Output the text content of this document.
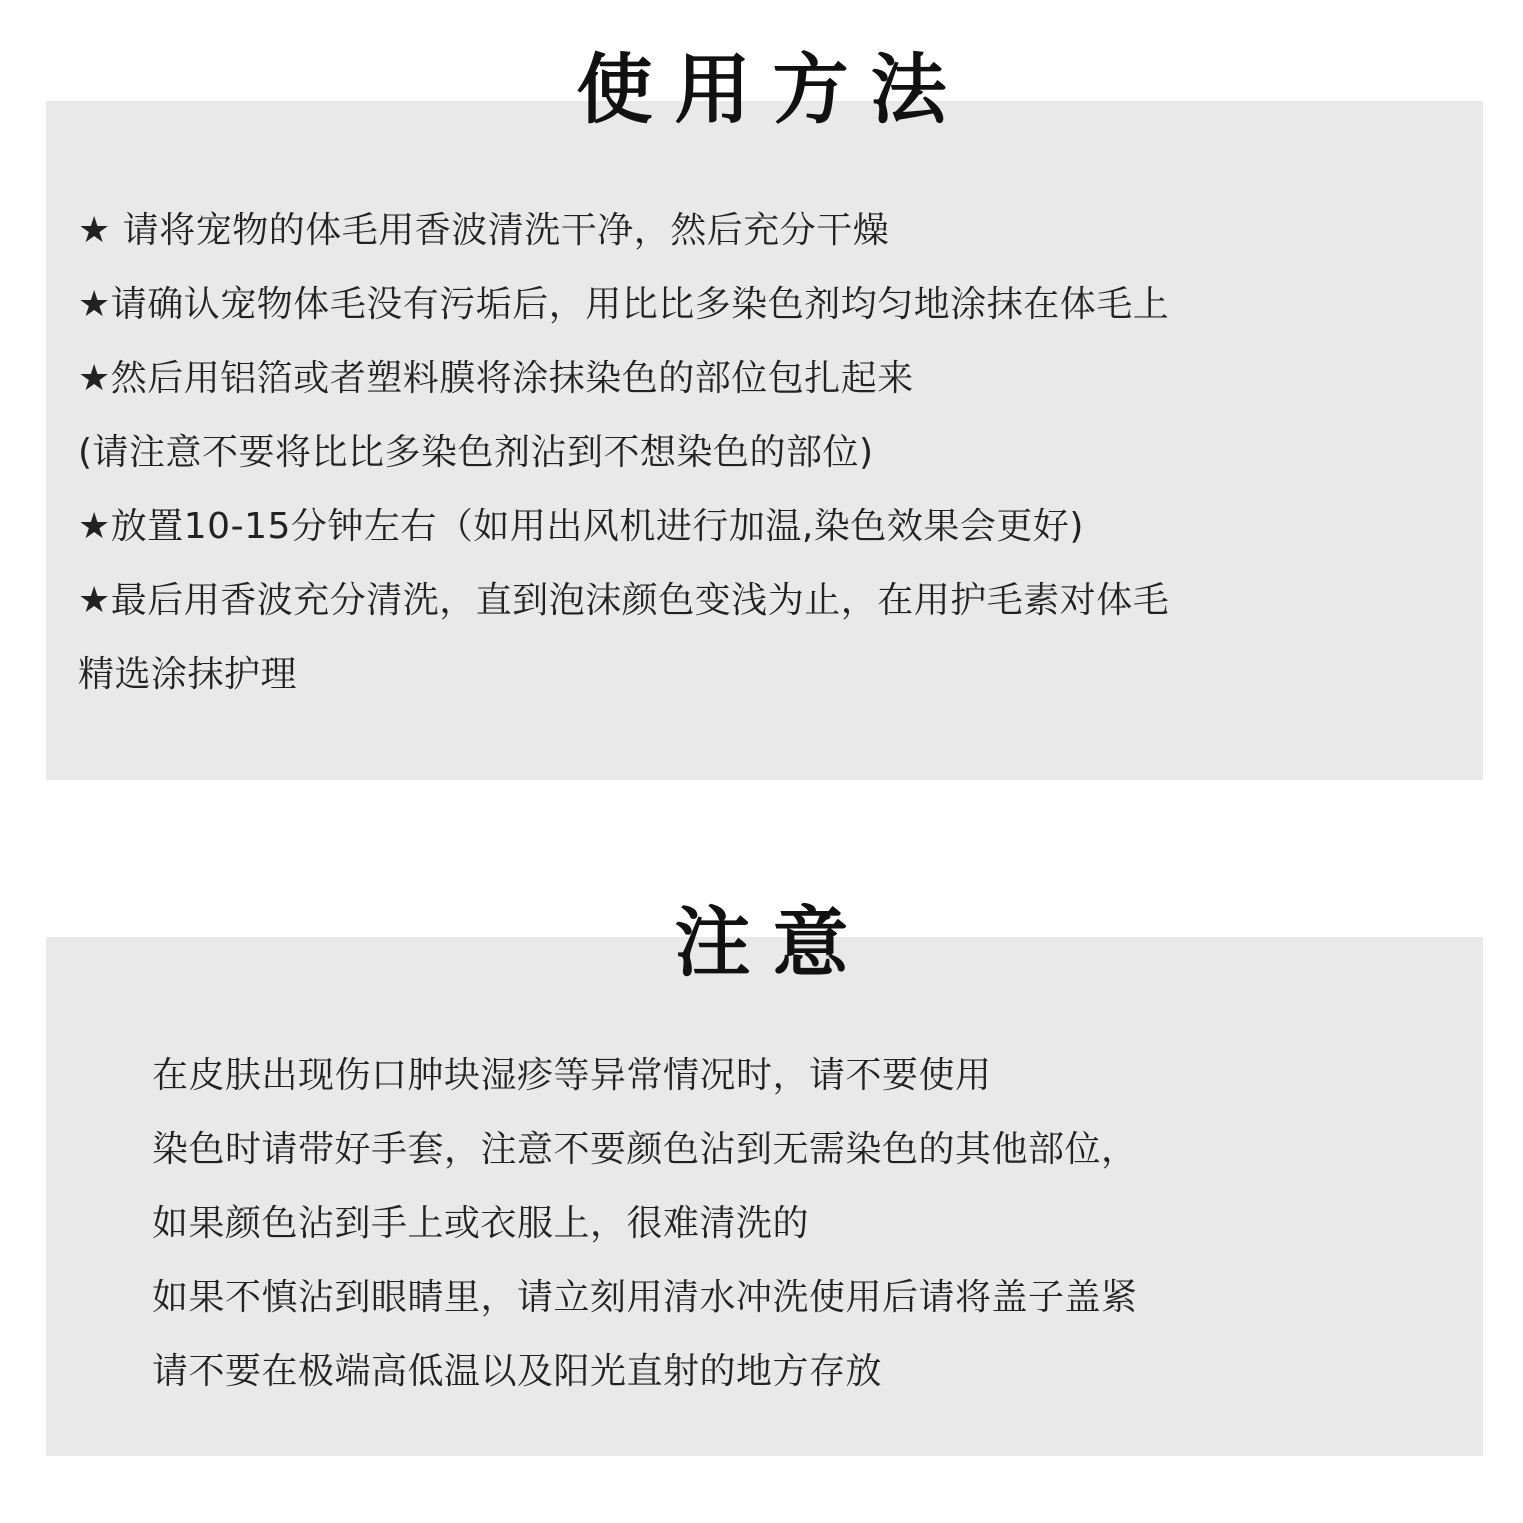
使用方法
★ 请将宠物的体毛用香波清洗干净，然后充分干燥
★请确认宠物体毛没有污垢后，用比比多染色剂均匀地涂抹在体毛上
★然后用铝箔或者塑料膜将涂抹染色的部位包扎起来
(请注意不要将比比多染色剂沾到不想染色的部位)
★放置10-15分钟左右（如用出风机进行加温,染色效果会更好)
★最后用香波充分清洗，直到泡沫颜色变浅为止，在用护毛素对体毛
精选涂抹护理
注意
在皮肤出现伤口肿块湿疹等异常情况时，请不要使用
染色时请带好手套，注意不要颜色沾到无需染色的其他部位，
如果颜色沾到手上或衣服上，很难清洗的
如果不慎沾到眼睛里，请立刻用清水冲洗使用后请将盖子盖紧
请不要在极端高低温以及阳光直射的地方存放
